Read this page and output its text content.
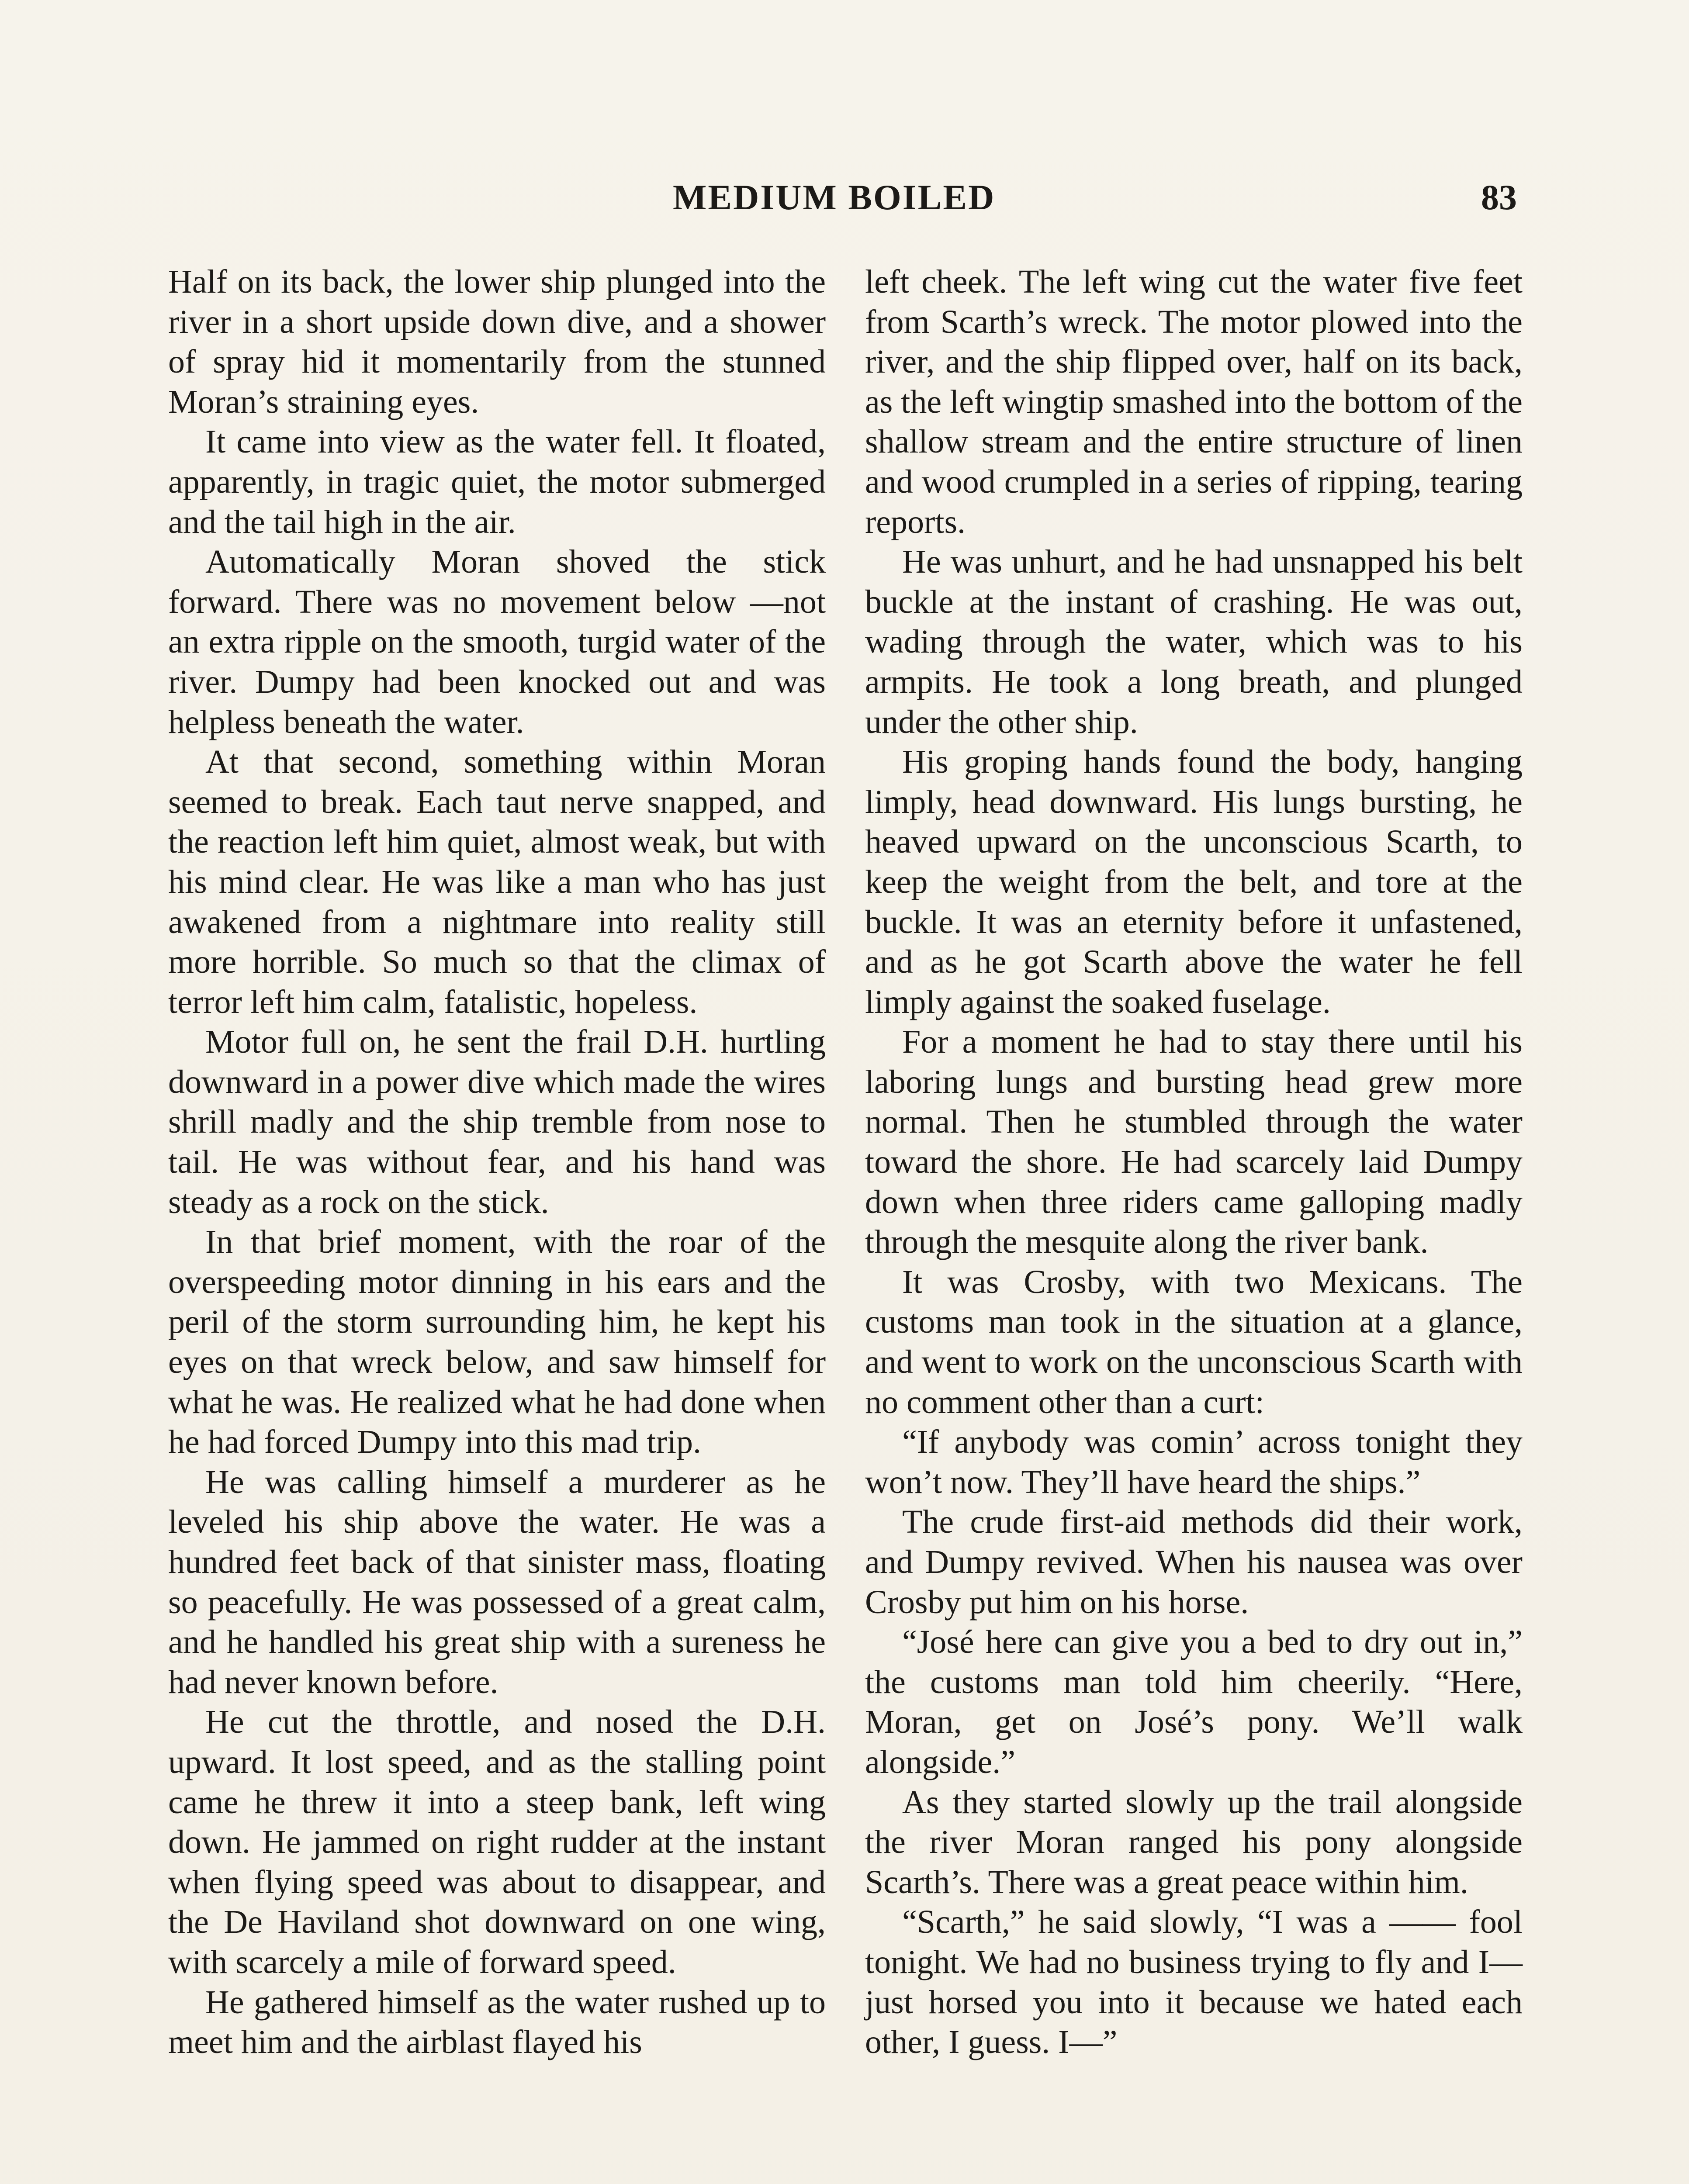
MEDIUM BOILED	83

Half on its back, the lower ship plunged into the river in a short upside down dive, and a shower of spray hid it momentarily from the stunned Moran’s straining eyes.

It came into view as the water fell. It floated, apparently, in tragic quiet, the motor submerged and the tail high in the air.

Automatically Moran shoved the stick forward. There was no movement below —not an extra ripple on the smooth, turgid water of the river. Dumpy had been knocked out and was helpless beneath the water.

At that second, something within Moran seemed to break. Each taut nerve snapped, and the reaction left him quiet, almost weak, but with his mind clear. He was like a man who has just awakened from a nightmare into reality still more horrible. So much so that the climax of terror left him calm, fatalistic, hopeless.

Motor full on, he sent the frail D.H. hurtling downward in a power dive which made the wires shrill madly and the ship tremble from nose to tail. He was without fear, and his hand was steady as a rock on the stick.

In that brief moment, with the roar of the overspeeding motor dinning in his ears and the peril of the storm surrounding him, he kept his eyes on that wreck below, and saw himself for what he was. He realized what he had done when he had forced Dumpy into this mad trip.

He was calling himself a murderer as he leveled his ship above the water. He was a hundred feet back of that sinister mass, floating so peacefully. He was possessed of a great calm, and he handled his great ship with a sureness he had never known before.

He cut the throttle, and nosed the D.H. upward. It lost speed, and as the stalling point came he threw it into a steep bank, left wing down. He jammed on right rudder at the instant when flying speed was about to disappear, and the De Haviland shot downward on one wing, with scarcely a mile of forward speed.

He gathered himself as the water rushed up to meet him and the airblast flayed his

left cheek. The left wing cut the water five feet from Scarth’s wreck. The motor plowed into the river, and the ship flipped over, half on its back, as the left wingtip smashed into the bottom of the shallow stream and the entire structure of linen and wood crumpled in a series of ripping, tearing reports.

He was unhurt, and he had unsnapped his belt buckle at the instant of crashing. He was out, wading through the water, which was to his armpits. He took a long breath, and plunged under the other ship.

His groping hands found the body, hanging limply, head downward. His lungs bursting, he heaved upward on the unconscious Scarth, to keep the weight from the belt, and tore at the buckle. It was an eternity before it unfastened, and as he got Scarth above the water he fell limply against the soaked fuselage.

For a moment he had to stay there until his laboring lungs and bursting head grew more normal. Then he stumbled through the water toward the shore. He had scarcely laid Dumpy down when three riders came galloping madly through the mesquite along the river bank.

It was Crosby, with two Mexicans. The customs man took in the situation at a glance, and went to work on the unconscious Scarth with no comment other than a curt:

“If anybody was comin’ across tonight they won’t now. They’ll have heard the ships.”

The crude first-aid methods did their work, and Dumpy revived. When his nausea was over Crosby put him on his horse.

“José here can give you a bed to dry out in,” the customs man told him cheerily. “Here, Moran, get on José’s pony. We’ll walk alongside.”

As they started slowly up the trail alongside the river Moran ranged his pony alongside Scarth’s. There was a great peace within him.

“Scarth,” he said slowly, “I was a —— fool tonight. We had no business trying to fly and I—just horsed you into it because we hated each other, I guess. I—”
